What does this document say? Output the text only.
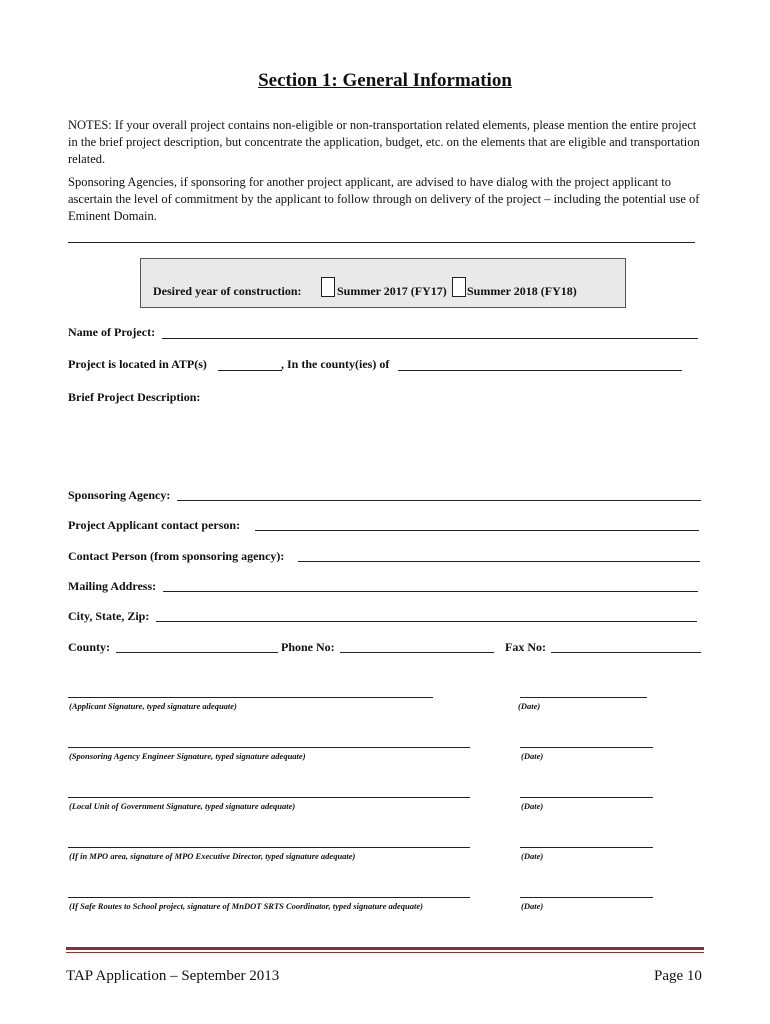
Section 1: General Information
NOTES: If your overall project contains non-eligible or non-transportation related elements, please mention the entire project in the brief project description, but concentrate the application, budget, etc. on the elements that are eligible and transportation related.
Sponsoring Agencies, if sponsoring for another project applicant, are advised to have dialog with the project applicant to ascertain the level of commitment by the applicant to follow through on delivery of the project – including the potential use of Eminent Domain.
Desired year of construction:	Summer 2017 (FY17) Summer 2018 (FY18)
Name of Project:
Project is located in ATP(s)	, In the county(ies) of
Brief Project Description:
Sponsoring Agency:
Project Applicant contact person:
Contact Person (from sponsoring agency):
Mailing Address:
City, State, Zip:
County:	Phone No:	Fax No:
(Applicant Signature, typed signature adequate)	(Date)
(Sponsoring Agency Engineer Signature, typed signature adequate)	(Date)
(Local Unit of Government Signature, typed signature adequate)	(Date)
(If in MPO area, signature of MPO Executive Director, typed signature adequate)	(Date)
(If Safe Routes to School project, signature of MnDOT SRTS Coordinator, typed signature adequate)	(Date)
TAP Application – September 2013	Page 10
